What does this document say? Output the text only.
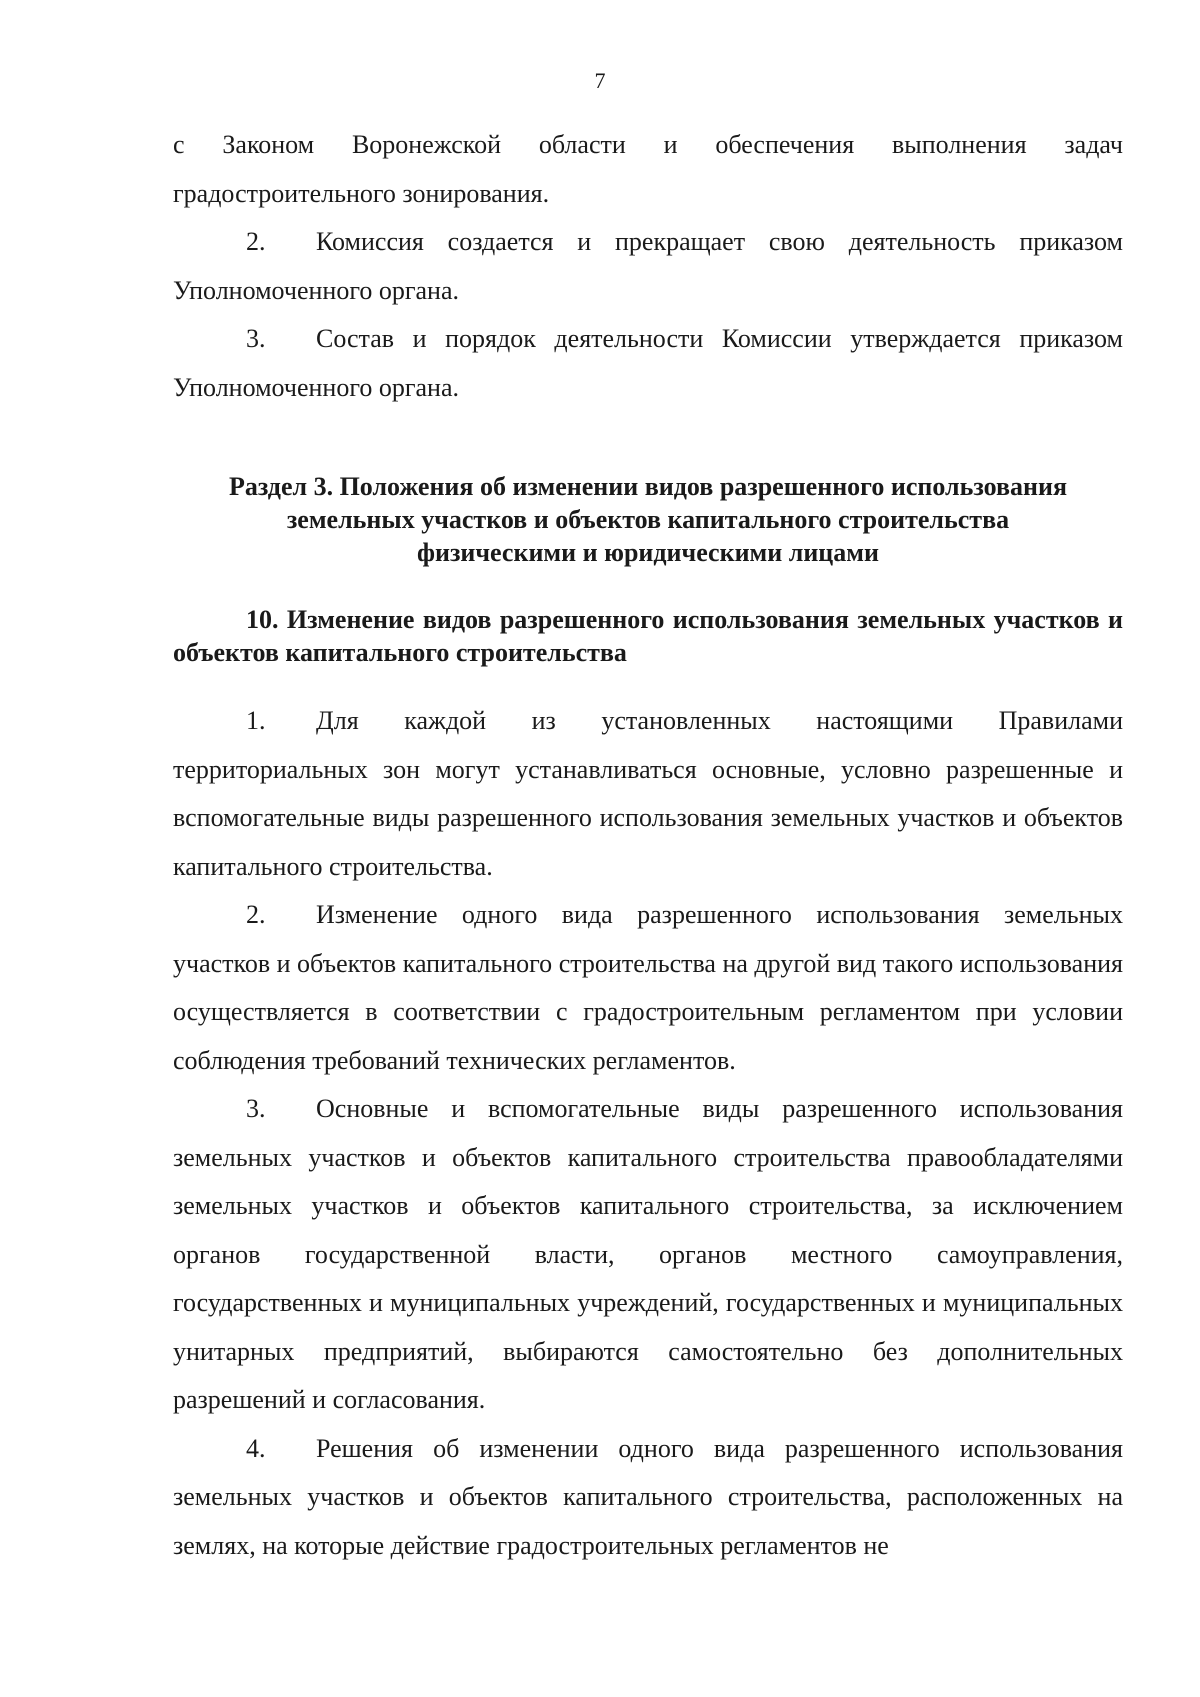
7

с Законом Воронежской области и обеспечения выполнения задач градостроительного зонирования.

2. Комиссия создается и прекращает свою деятельность приказом Уполномоченного органа.

3. Состав и порядок деятельности Комиссии утверждается приказом Уполномоченного органа.

Раздел 3. Положения об изменении видов разрешенного использования
земельных участков и объектов капитального строительства
физическими и юридическими лицами
10. Изменение видов разрешенного использования земельных участков и объектов капитального строительства

1. Для каждой из установленных настоящими Правилами территориальных зон могут устанавливаться основные, условно разрешенные и вспомогательные виды разрешенного использования земельных участков и объектов капитального строительства.

2. Изменение одного вида разрешенного использования земельных участков и объектов капитального строительства на другой вид такого использования осуществляется в соответствии с градостроительным регламентом при условии соблюдения требований технических регламентов.

3. Основные и вспомогательные виды разрешенного использования земельных участков и объектов капитального строительства правообладателями земельных участков и объектов капитального строительства, за исключением органов государственной власти, органов местного самоуправления, государственных и муниципальных учреждений, государственных и муниципальных унитарных предприятий, выбираются самостоятельно без дополнительных разрешений и согласования.

4. Решения об изменении одного вида разрешенного использования земельных участков и объектов капитального строительства, расположенных на землях, на которые действие градостроительных регламентов не
